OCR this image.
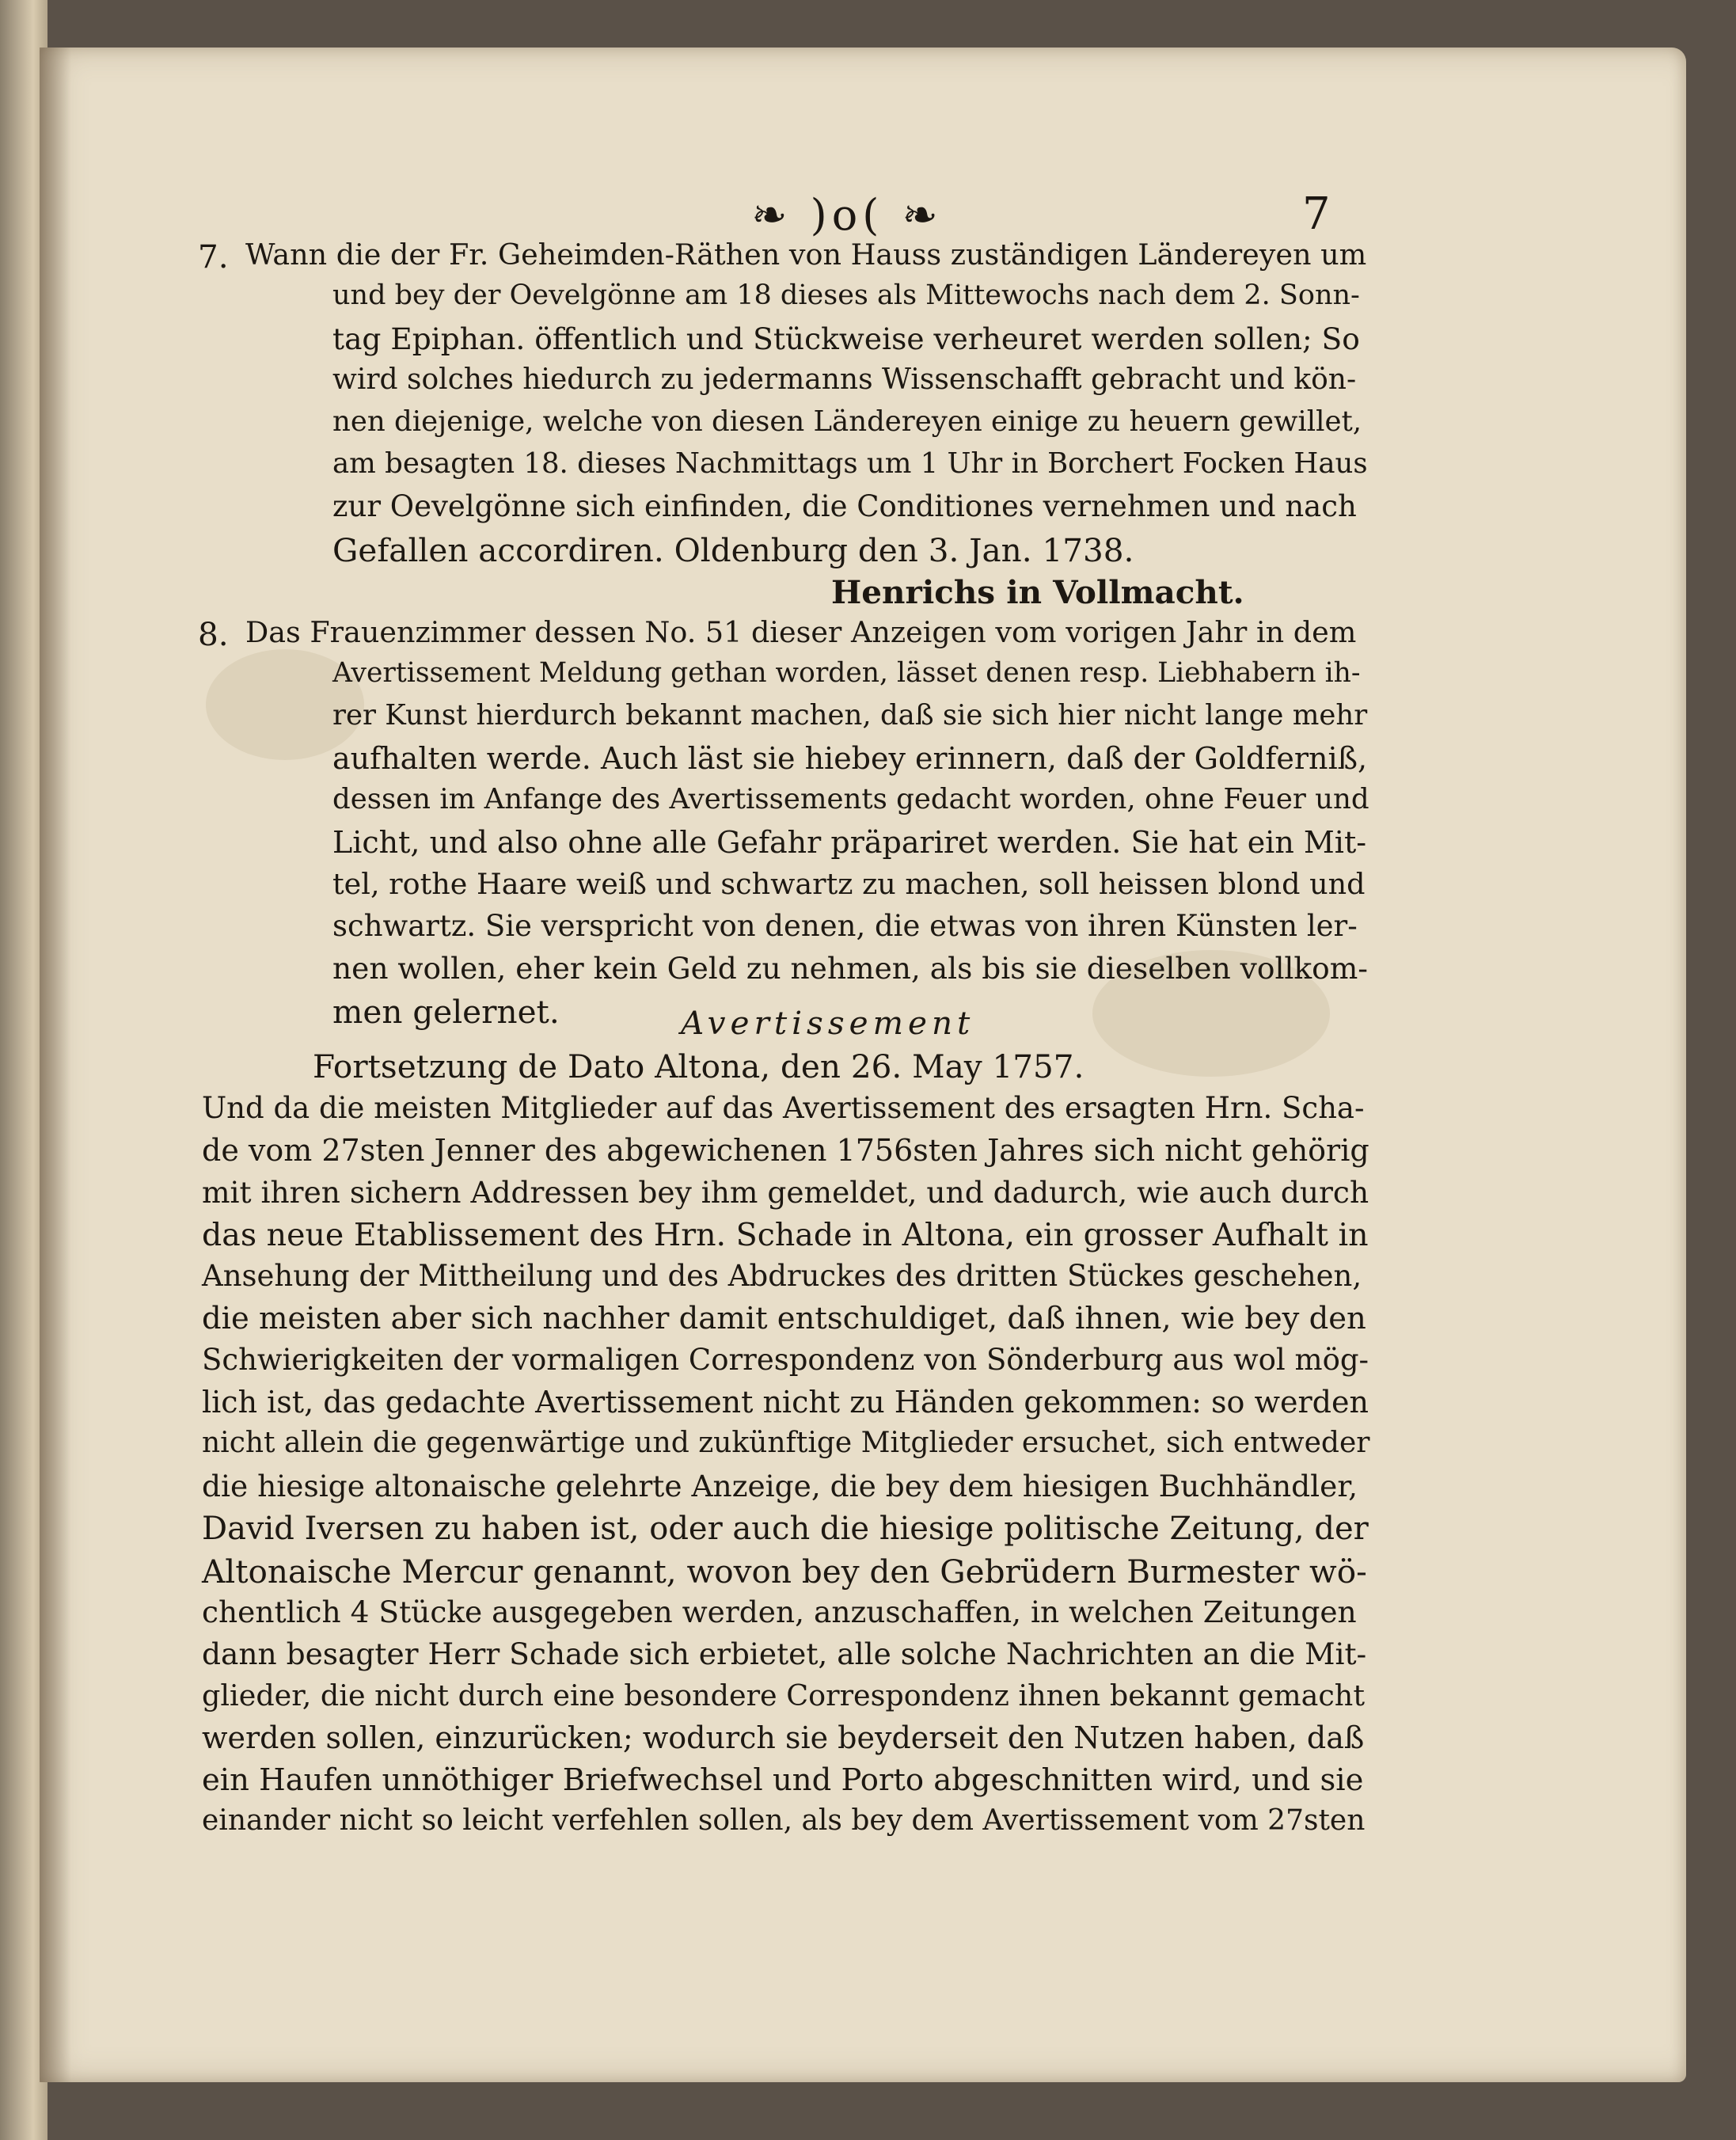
❧ )o( ❧	7
7. Wann die der Fr. Geheimden-Räthen von Hauss zuständigen Ländereyen um
und bey der Oevelgönne am 18 dieses als Mittewochs nach dem 2. Sonn-
tag Epiphan. öffentlich und Stückweise verheuret werden sollen; So
wird solches hiedurch zu jedermanns Wissenschafft gebracht und kön-
nen diejenige, welche von diesen Ländereyen einige zu heuern gewillet,
am besagten 18. dieses Nachmittags um 1 Uhr in Borchert Focken Haus
zur Oevelgönne sich einfinden, die Conditiones vernehmen und nach
Gefallen accordiren. Oldenburg den 3. Jan. 1738.
Henrichs in Vollmacht.
8. Das Frauenzimmer dessen No. 51 dieser Anzeigen vom vorigen Jahr in dem
Avertissement Meldung gethan worden, lässet denen resp. Liebhabern ih-
rer Kunst hierdurch bekannt machen, daß sie sich hier nicht lange mehr
aufhalten werde. Auch läst sie hiebey erinnern, daß der Goldferniß,
dessen im Anfange des Avertissements gedacht worden, ohne Feuer und
Licht, und also ohne alle Gefahr präpariret werden. Sie hat ein Mit-
tel, rothe Haare weiß und schwartz zu machen, soll heissen blond und
schwartz. Sie verspricht von denen, die etwas von ihren Künsten ler-
nen wollen, eher kein Geld zu nehmen, als bis sie dieselben vollkom-
men gelernet.	Avertissement
Fortsetzung de Dato Altona, den 26. May 1757.
Und da die meisten Mitglieder auf das Avertissement des ersagten Hrn. Scha-
de vom 27sten Jenner des abgewichenen 1756sten Jahres sich nicht gehörig
mit ihren sichern Addressen bey ihm gemeldet, und dadurch, wie auch durch
das neue Etablissement des Hrn. Schade in Altona, ein grosser Aufhalt in
Ansehung der Mittheilung und des Abdruckes des dritten Stückes geschehen,
die meisten aber sich nachher damit entschuldiget, daß ihnen, wie bey den
Schwierigkeiten der vormaligen Correspondenz von Sönderburg aus wol mög-
lich ist, das gedachte Avertissement nicht zu Händen gekommen: so werden
nicht allein die gegenwärtige und zukünftige Mitglieder ersuchet, sich entweder
die hiesige altonaische gelehrte Anzeige, die bey dem hiesigen Buchhändler,
David Iversen zu haben ist, oder auch die hiesige politische Zeitung, der
Altonaische Mercur genannt, wovon bey den Gebrüdern Burmester wö-
chentlich 4 Stücke ausgegeben werden, anzuschaffen, in welchen Zeitungen
dann besagter Herr Schade sich erbietet, alle solche Nachrichten an die Mit-
glieder, die nicht durch eine besondere Correspondenz ihnen bekannt gemacht
werden sollen, einzurücken; wodurch sie beyderseit den Nutzen haben, daß
ein Haufen unnöthiger Briefwechsel und Porto abgeschnitten wird, und sie
einander nicht so leicht verfehlen sollen, als bey dem Avertissement vom 27sten
